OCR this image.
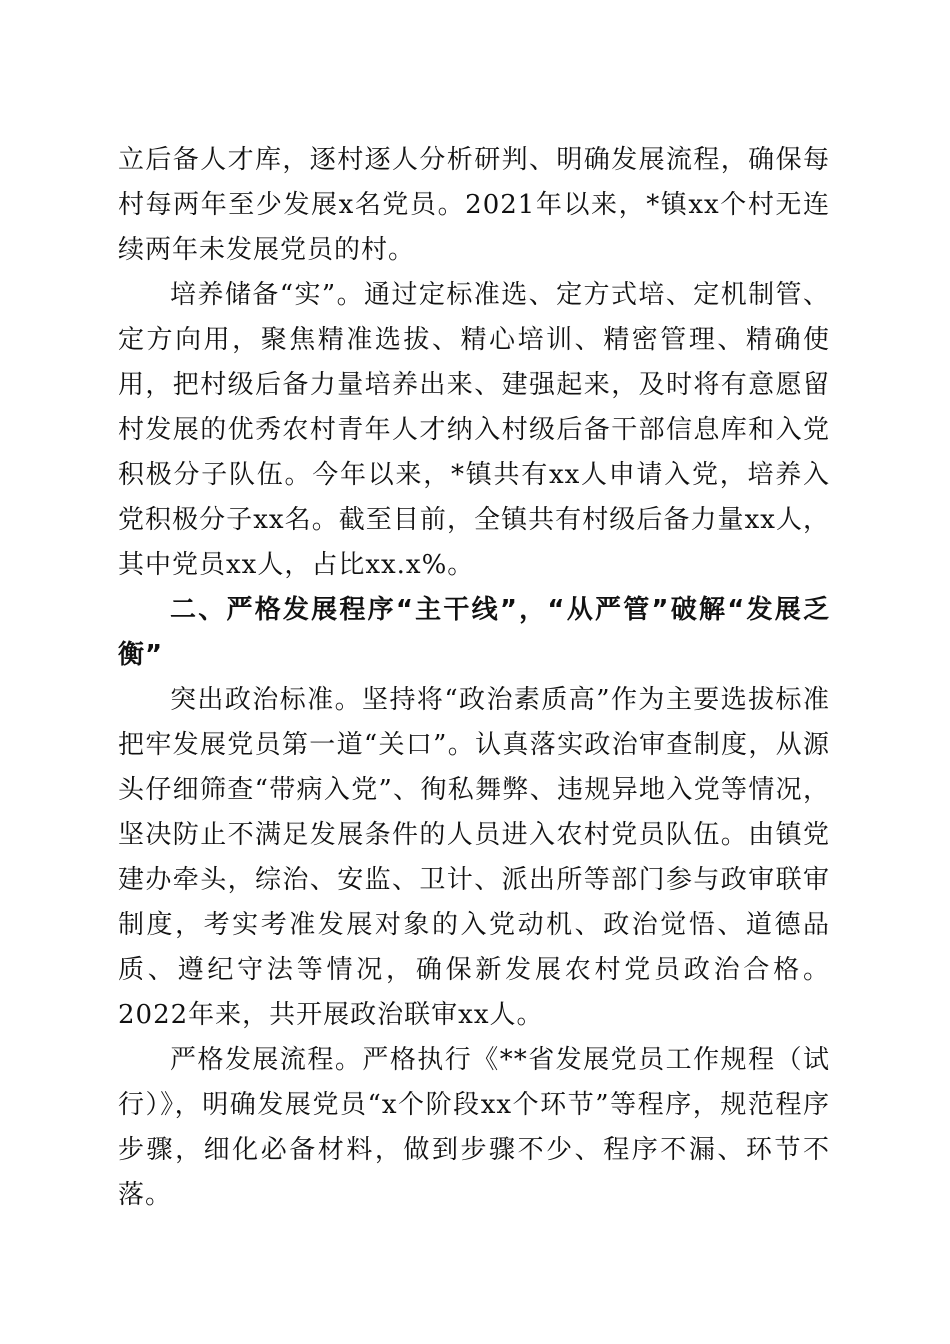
立后备人才库，逐村逐人分析研判、明确发展流程，确保每村每两年至少发展x名党员。2021年以来，*镇xx个村无连续两年未发展党员的村。

培养储备“实”。通过定标准选、定方式培、定机制管、定方向用，聚焦精准选拔、精心培训、精密管理、精确使用，把村级后备力量培养出来、建强起来，及时将有意愿留村发展的优秀农村青年人才纳入村级后备干部信息库和入党积极分子队伍。今年以来，*镇共有xx人申请入党，培养入党积极分子xx名。截至目前，全镇共有村级后备力量xx人，其中党员xx人，占比xx.x%。

二、严格发展程序“主干线”，“从严管”破解“发展乏衡”

突出政治标准。坚持将“政治素质高”作为主要选拔标准把牢发展党员第一道“关口”。认真落实政治审查制度，从源头仔细筛查“带病入党”、徇私舞弊、违规异地入党等情况，坚决防止不满足发展条件的人员进入农村党员队伍。由镇党建办牵头，综治、安监、卫计、派出所等部门参与政审联审制度，考实考准发展对象的入党动机、政治觉悟、道德品质、遵纪守法等情况，确保新发展农村党员政治合格。2022年来，共开展政治联审xx人。

严格发展流程。严格执行《**省发展党员工作规程（试行）》，明确发展党员“x个阶段xx个环节”等程序，规范程序步骤，细化必备材料，做到步骤不少、程序不漏、环节不落。
